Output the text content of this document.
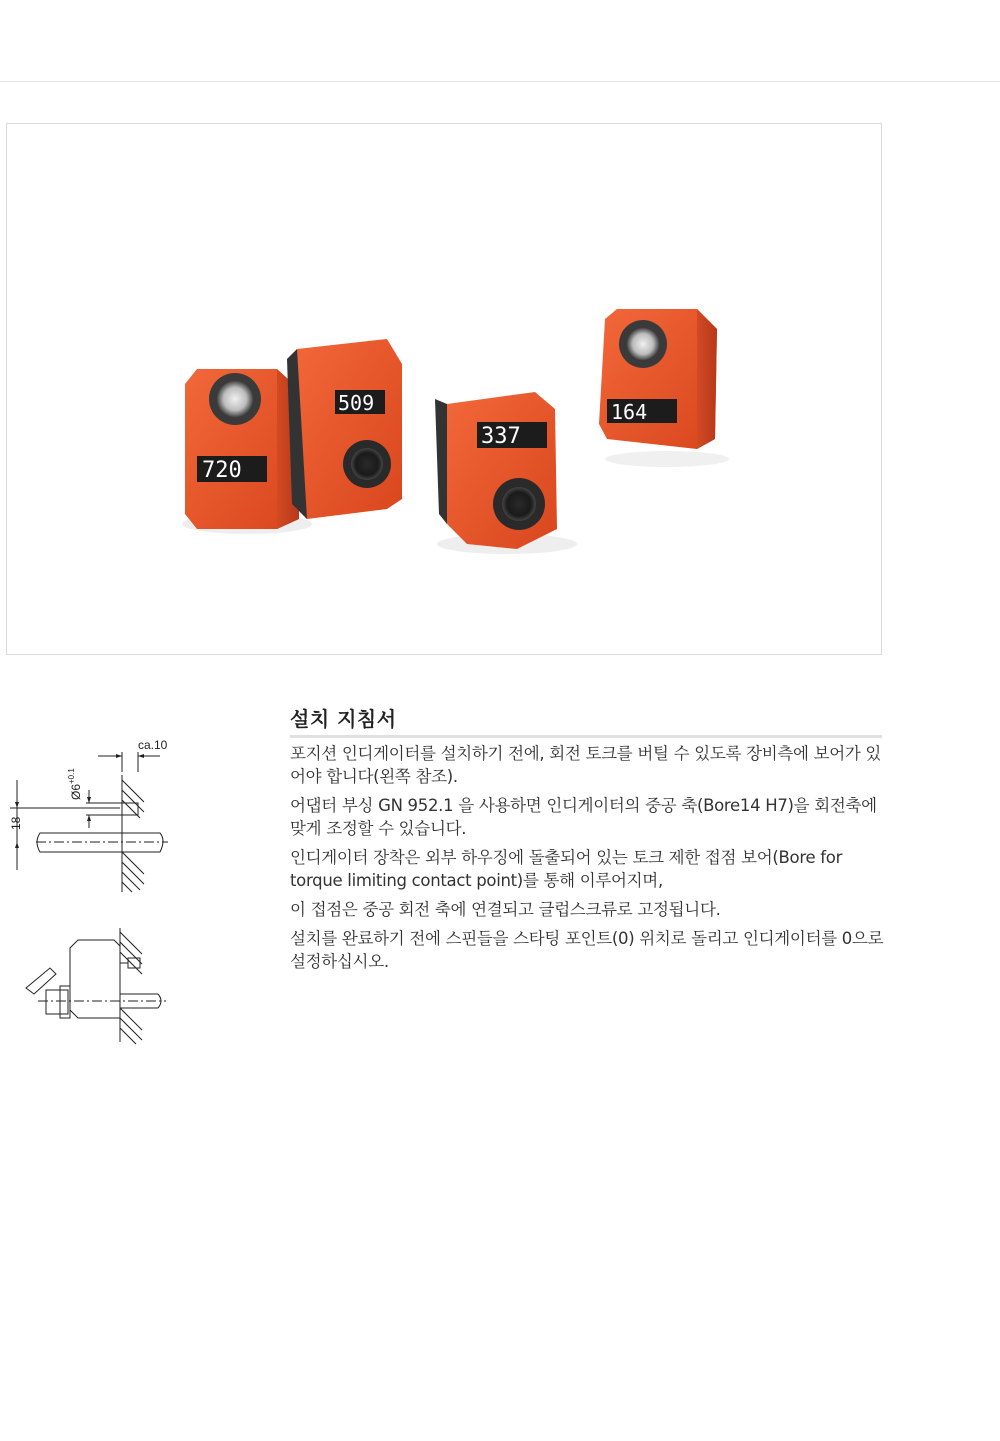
720
509
337
164
ca.10
Ø6
+0.1
18
설치 지침서

포지션 인디게이터를 설치하기 전에, 회전 토크를 버틸 수 있도록 장비측에 보어가 있어야 합니다(왼쪽 참조).

어댑터 부싱 GN 952.1 을 사용하면 인디게이터의 중공 축(Bore14 H7)을 회전축에 맞게 조정할 수 있습니다.

인디게이터 장착은 외부 하우징에 돌출되어 있는 토크 제한 접점 보어(Bore for torque limiting contact point)를 통해 이루어지며,

이 접점은 중공 회전 축에 연결되고 글럽스크류로 고정됩니다.

설치를 완료하기 전에 스핀들을 스타팅 포인트(0) 위치로 돌리고 인디게이터를 0으로 설정하십시오.
